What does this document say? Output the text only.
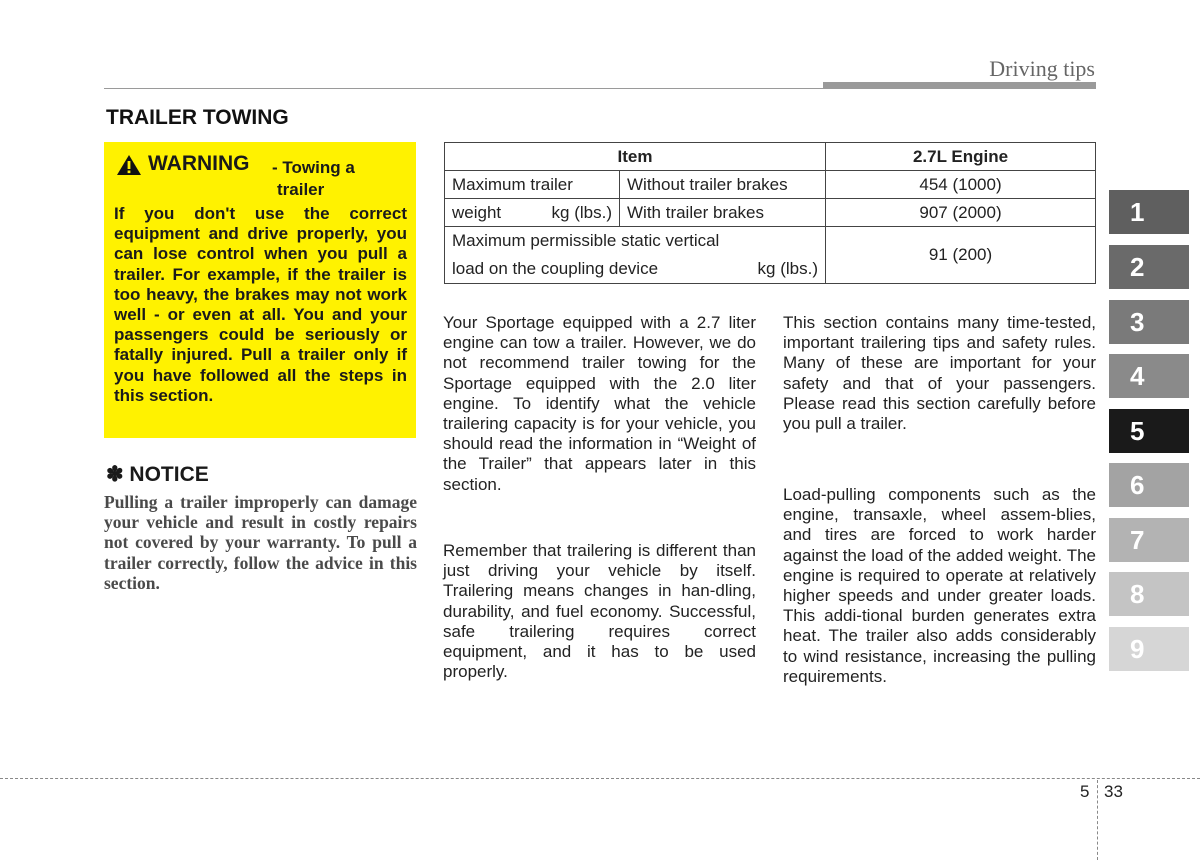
Driving tips
TRAILER TOWING
WARNING - Towing a
trailer

If you don't use the correct equipment and drive properly, you can lose control when you pull a trailer. For example, if the trailer is too heavy, the brakes may not work well - or even at all. You and your passengers could be seriously or fatally injured. Pull a trailer only if you have followed all the steps in this section.

✽ NOTICE

Pulling a trailer improperly can damage your vehicle and result in costly repairs not covered by your warranty. To pull a trailer correctly, follow the advice in this section.

Item		2.7L Engine
Maximum trailer	Without trailer brakes	454 (1000)
weight kg (lbs.)	With trailer brakes	907 (2000)

Maximum permissible static vertical
load on the coupling device kg (lbs.)		91 (200)

Your Sportage equipped with a 2.7 liter engine can tow a trailer. However, we do not recommend trailer towing for the Sportage equipped with the 2.0 liter engine. To identify what the vehicle trailering capacity is for your vehicle, you should read the information in “Weight of the Trailer” that appears later in this section.

Remember that trailering is different than just driving your vehicle by itself. Trailering means changes in han-dling, durability, and fuel economy. Successful, safe trailering requires correct equipment, and it has to be used properly.

This section contains many time-tested, important trailering tips and safety rules. Many of these are important for your safety and that of your passengers. Please read this section carefully before you pull a trailer.

Load-pulling components such as the engine, transaxle, wheel assem-blies, and tires are forced to work harder against the load of the added weight. The engine is required to operate at relatively higher speeds and under greater loads. This addi-tional burden generates extra heat. The trailer also adds considerably to wind resistance, increasing the pulling requirements.

1
2
3
4
5
6
7
8
9
5 33
